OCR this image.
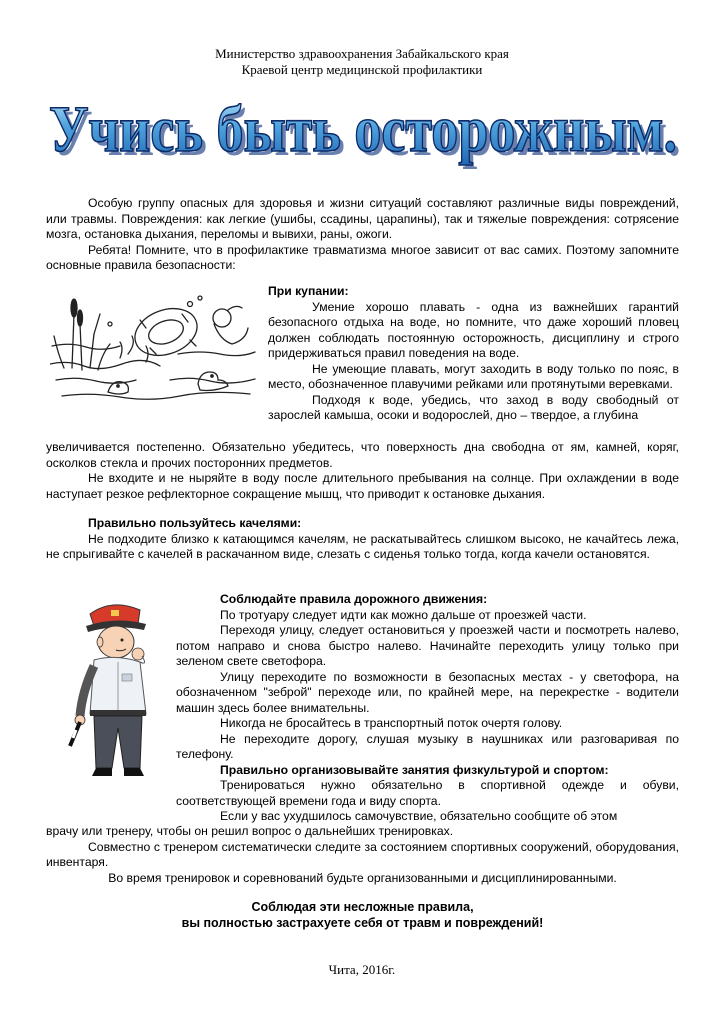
Министерство здравоохранения Забайкальского края
Краевой центр медицинской профилактики
Учись быть осторожным.
Учись быть осторожным.

Особую группу опасных для здоровья и жизни ситуаций составляют различные виды повреждений, или травмы. Повреждения: как легкие (ушибы, ссадины, царапины), так и тяжелые повреждения: сотрясение мозга, остановка дыхания, переломы и вывихи, раны, ожоги.

Ребята! Помните, что в профилактике травматизма многое зависит от вас самих. Поэтому запомните основные правила безопасности:

При купании:

Умение хорошо плавать - одна из важнейших гарантий безопасного отдыха на воде, но помните, что даже хороший пловец должен соблюдать постоянную осторожность, дисциплину и строго придерживаться правил поведения на воде.

Не умеющие плавать, могут заходить в воду только по пояс, в место, обозначенное плавучими рейками или протянутыми веревками.

Подходя к воде, убедись, что заход в воду свободный от зарослей камыша, осоки и водорослей, дно – твердое, а глубина

увеличивается постепенно. Обязательно убедитесь, что поверхность дна свободна от ям, камней, коряг, осколков стекла и прочих посторонних предметов.

Не входите и не ныряйте в воду после длительного пребывания на солнце. При охлаждении в воде наступает резкое рефлекторное сокращение мышц, что приводит к остановке дыхания.

Правильно пользуйтесь качелями:

Не подходите близко к катающимся качелям, не раскатывайтесь слишком высоко, не качайтесь лежа, не спрыгивайте с качелей в раскачанном виде, слезать с сиденья только тогда, когда качели остановятся.

Соблюдайте правила дорожного движения:

По тротуару следует идти как можно дальше от проезжей части.

Переходя улицу, следует остановиться у проезжей части и посмотреть налево, потом направо и снова быстро налево. Начинайте переходить улицу только при зеленом свете светофора.

Улицу переходите по возможности в безопасных местах - у светофора, на обозначенном "зеброй" переходе или, по крайней мере, на перекрестке - водители машин здесь более внимательны.

Никогда не бросайтесь в транспортный поток очертя голову.

Не переходите дорогу, слушая музыку в наушниках или разговаривая по телефону.

Правильно организовывайте занятия физкультурой и спортом:

Тренироваться нужно обязательно в спортивной одежде и обуви, соответствующей времени года и виду спорта.

Если у вас ухудшилось самочувствие, обязательно сообщите об этом

врачу или тренеру, чтобы он решил вопрос о дальнейших тренировках.

Совместно с тренером систематически следите за состоянием спортивных сооружений, оборудования, инвентаря.

Во время тренировок и соревнований будьте организованными и дисциплинированными.

Соблюдая эти несложные правила,
вы полностью застрахуете себя от травм и повреждений!
Чита, 2016г.
